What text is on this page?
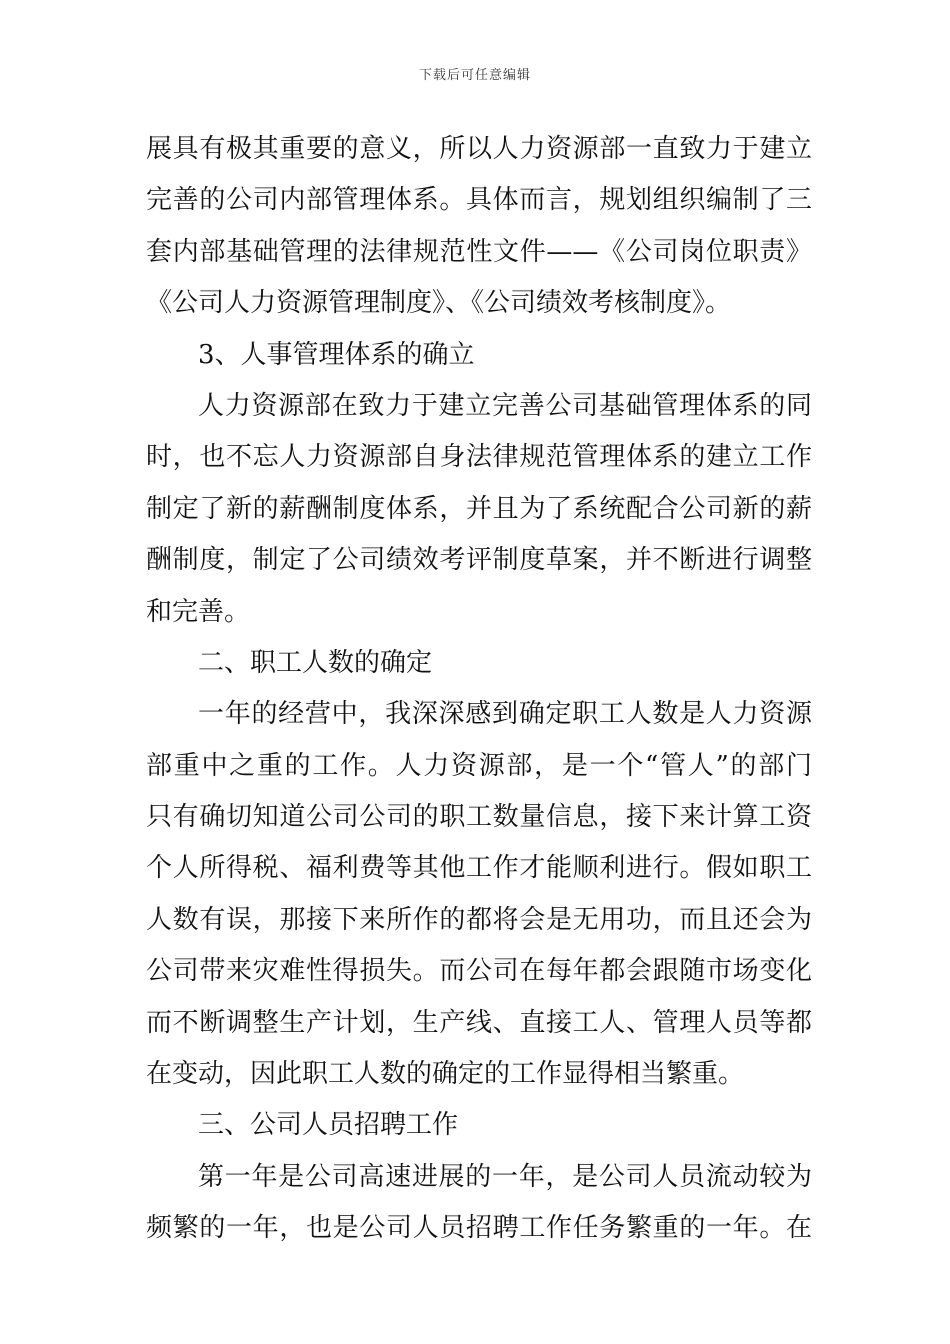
下载后可任意编辑
展具有极其重要的意义，所以人力资源部一直致力于建立
完善的公司内部管理体系。具体而言，规划组织编制了三
套内部基础管理的法律规范性文件——《公司岗位职责》
《公司人力资源管理制度》、《公司绩效考核制度》。
3、人事管理体系的确立
人力资源部在致力于建立完善公司基础管理体系的同
时，也不忘人力资源部自身法律规范管理体系的建立工作
制定了新的薪酬制度体系，并且为了系统配合公司新的薪
酬制度，制定了公司绩效考评制度草案，并不断进行调整
和完善。
二、职工人数的确定
一年的经营中，我深深感到确定职工人数是人力资源
部重中之重的工作。人力资源部，是一个“管人”的部门
只有确切知道公司公司的职工数量信息，接下来计算工资
个人所得税、福利费等其他工作才能顺利进行。假如职工
人数有误，那接下来所作的都将会是无用功，而且还会为
公司带来灾难性得损失。而公司在每年都会跟随市场变化
而不断调整生产计划，生产线、直接工人、管理人员等都
在变动，因此职工人数的确定的工作显得相当繁重。
三、公司人员招聘工作
第一年是公司高速进展的一年，是公司人员流动较为
频繁的一年，也是公司人员招聘工作任务繁重的一年。在
